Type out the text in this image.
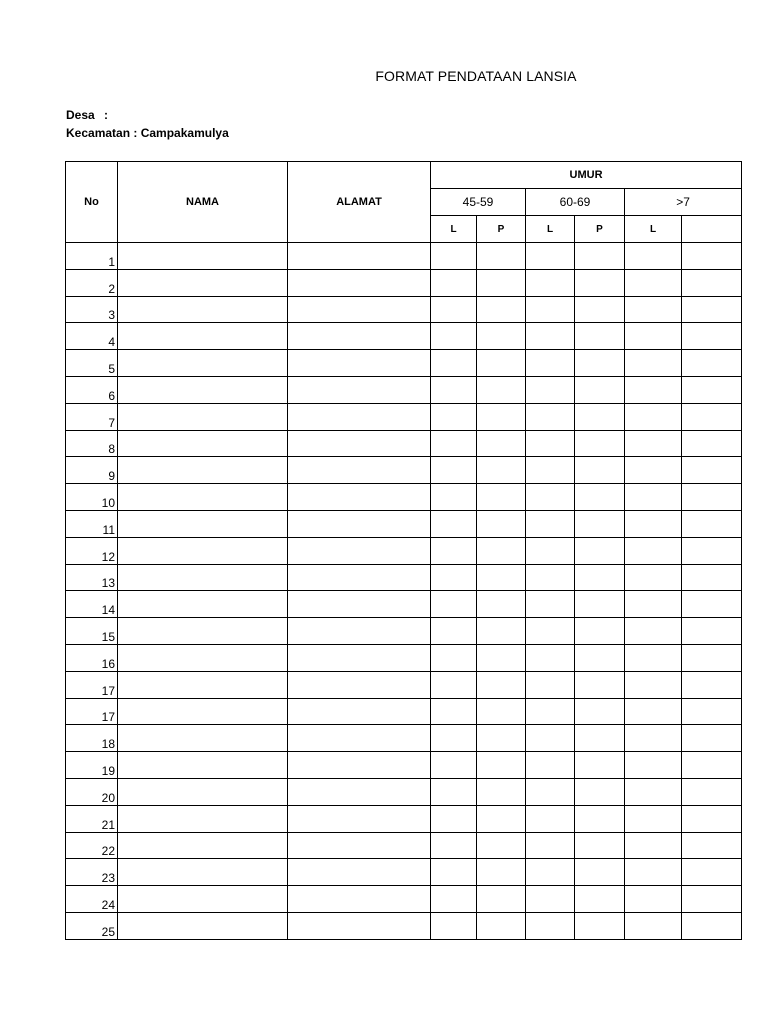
FORMAT PENDATAAN LANSIA
Desa :
Kecamatan : Campakamulya
No	NAMA	ALAMAT	UMUR					
			45-59		60-69		>7	
			L	P	L	P	L	
1								
2								
3								
4								
5								
6								
7								
8								
9								
10								
11								
12								
13								
14								
15								
16								
17								
17								
18								
19								
20								
21								
22								
23								
24								
25								
